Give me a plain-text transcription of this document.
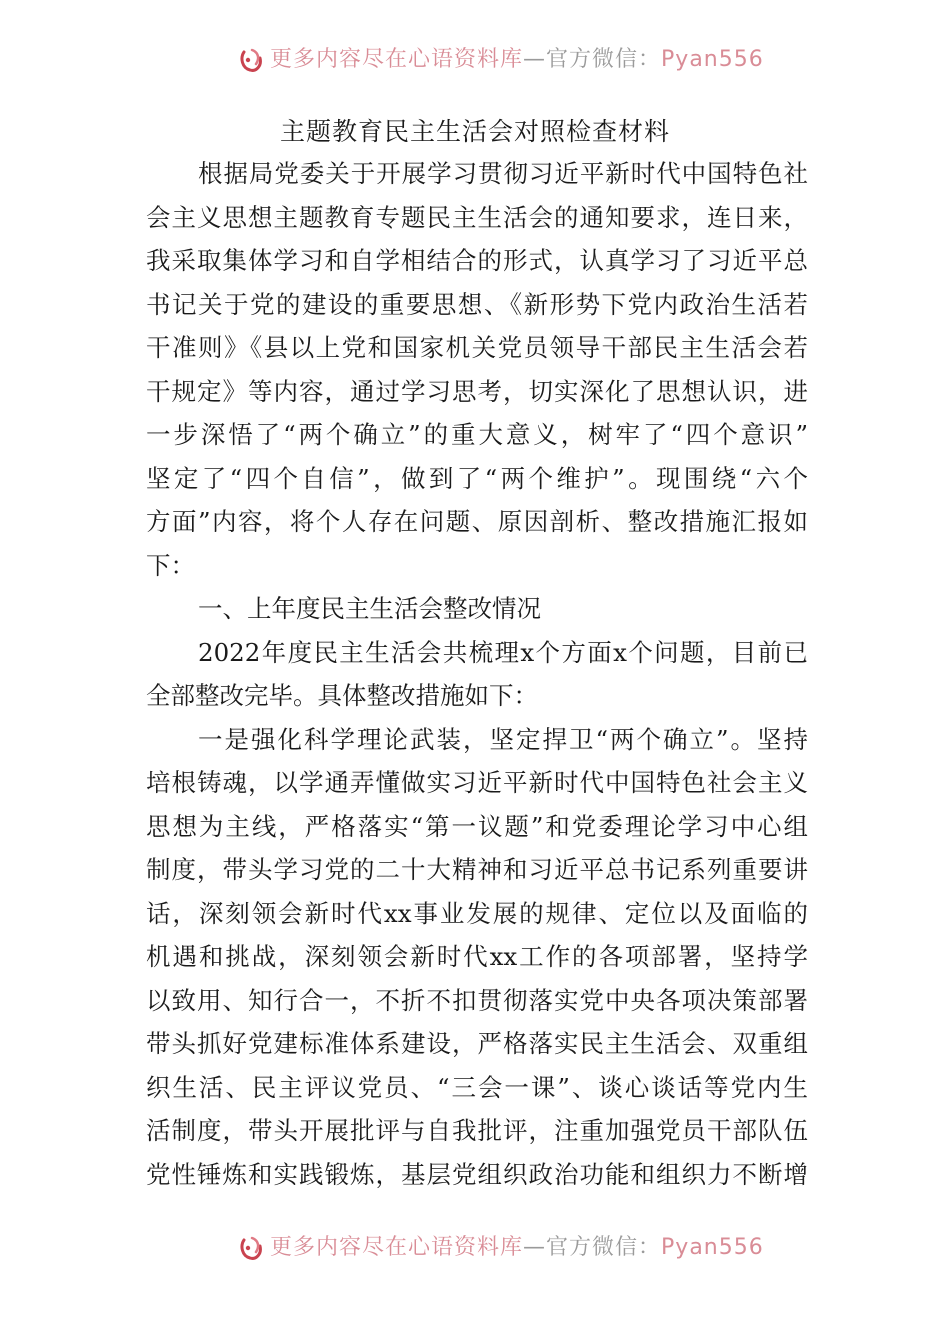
更多内容尽在心语资料库—官方微信：Pyan556
主题教育民主生活会对照检查材料
根据局党委关于开展学习贯彻习近平新时代中国特色社
会主义思想主题教育专题民主生活会的通知要求，连日来，
我采取集体学习和自学相结合的形式，认真学习了习近平总
书记关于党的建设的重要思想、《新形势下党内政治生活若
干准则》《县以上党和国家机关党员领导干部民主生活会若
干规定》等内容，通过学习思考，切实深化了思想认识，进
一步深悟了“两个确立”的重大意义，树牢了“四个意识”
坚定了“四个自信”，做到了“两个维护”。现围绕“六个
方面”内容，将个人存在问题、原因剖析、整改措施汇报如
下：
一、上年度民主生活会整改情况
2022年度民主生活会共梳理x个方面x个问题，目前已
全部整改完毕。具体整改措施如下：
一是强化科学理论武装，坚定捍卫“两个确立”。坚持
培根铸魂，以学通弄懂做实习近平新时代中国特色社会主义
思想为主线，严格落实“第一议题”和党委理论学习中心组
制度，带头学习党的二十大精神和习近平总书记系列重要讲
话，深刻领会新时代xx事业发展的规律、定位以及面临的
机遇和挑战，深刻领会新时代xx工作的各项部署，坚持学
以致用、知行合一，不折不扣贯彻落实党中央各项决策部署
带头抓好党建标准体系建设，严格落实民主生活会、双重组
织生活、民主评议党员、“三会一课”、谈心谈话等党内生
活制度，带头开展批评与自我批评，注重加强党员干部队伍
党性锤炼和实践锻炼，基层党组织政治功能和组织力不断增
更多内容尽在心语资料库—官方微信：Pyan556
